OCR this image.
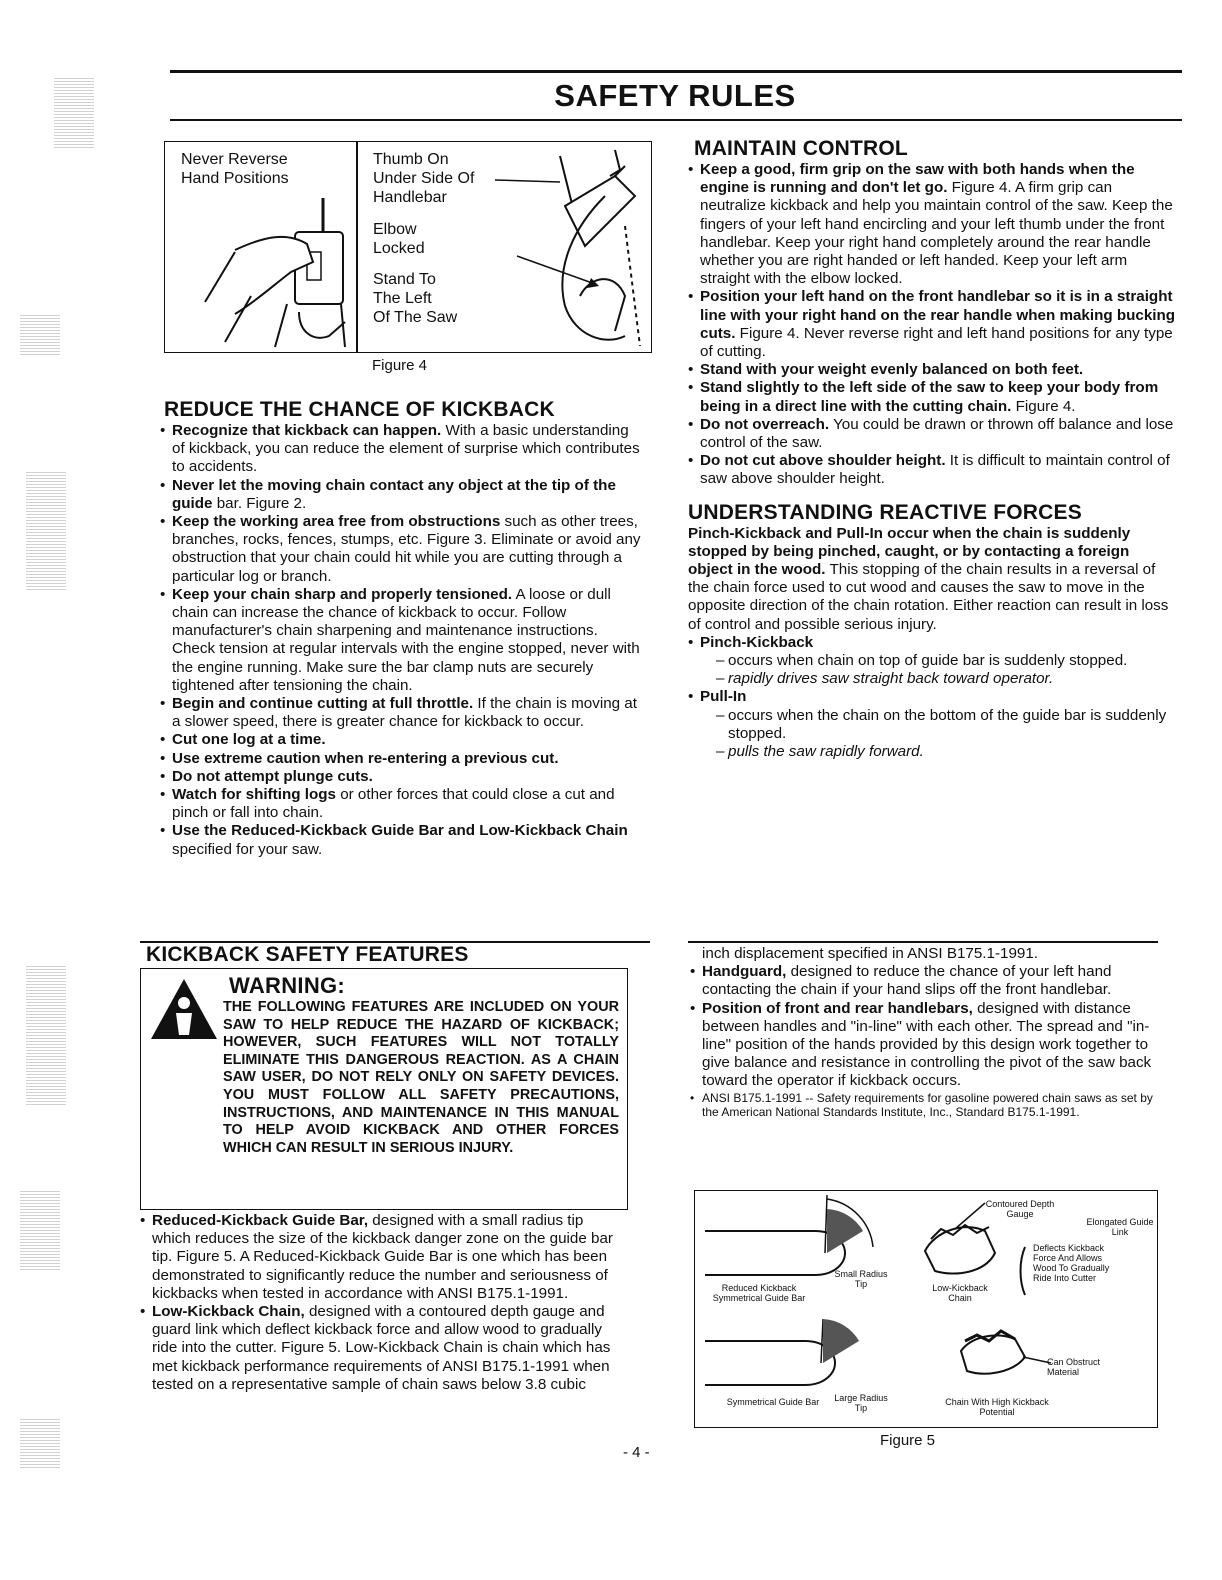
SAFETY RULES
Never Reverse
Hand Positions
Thumb On
Under Side Of
Handlebar
Elbow
Locked
Stand To
The Left
Of The Saw
Figure 4
REDUCE THE CHANCE OF KICKBACK
• Recognize that kickback can happen. With a basic understanding of kickback, you can reduce the element of surprise which contributes to accidents.
• Never let the moving chain contact any object at the tip of the guide bar. Figure 2.
• Keep the working area free from obstructions such as other trees, branches, rocks, fences, stumps, etc. Figure 3. Eliminate or avoid any obstruction that your chain could hit while you are cutting through a particular log or branch.
• Keep your chain sharp and properly tensioned. A loose or dull chain can increase the chance of kickback to occur. Follow manufacturer's chain sharpening and maintenance instructions. Check tension at regular intervals with the engine stopped, never with the engine running. Make sure the bar clamp nuts are securely tightened after tensioning the chain.
• Begin and continue cutting at full throttle. If the chain is moving at a slower speed, there is greater chance for kickback to occur.
• Cut one log at a time.
• Use extreme caution when re-entering a previous cut.
• Do not attempt plunge cuts.
• Watch for shifting logs or other forces that could close a cut and pinch or fall into chain.
• Use the Reduced-Kickback Guide Bar and Low-Kickback Chain specified for your saw.
MAINTAIN CONTROL
• Keep a good, firm grip on the saw with both hands when the engine is running and don't let go. Figure 4. A firm grip can neutralize kickback and help you maintain control of the saw. Keep the fingers of your left hand encircling and your left thumb under the front handlebar. Keep your right hand completely around the rear handle whether you are right handed or left handed. Keep your left arm straight with the elbow locked.
• Position your left hand on the front handlebar so it is in a straight line with your right hand on the rear handle when making bucking cuts. Figure 4. Never reverse right and left hand positions for any type of cutting.
• Stand with your weight evenly balanced on both feet.
• Stand slightly to the left side of the saw to keep your body from being in a direct line with the cutting chain. Figure 4.
• Do not overreach. You could be drawn or thrown off balance and lose control of the saw.
• Do not cut above shoulder height. It is difficult to maintain control of saw above shoulder height.
UNDERSTANDING REACTIVE FORCES

Pinch-Kickback and Pull-In occur when the chain is suddenly stopped by being pinched, caught, or by contacting a foreign object in the wood. This stopping of the chain results in a reversal of the chain force used to cut wood and causes the saw to move in the opposite direction of the chain rotation. Either reaction can result in loss of control and possible serious injury.

• Pinch-Kickback
– occurs when chain on top of guide bar is suddenly stopped.
– rapidly drives saw straight back toward operator.
• Pull-In
– occurs when the chain on the bottom of the guide bar is suddenly stopped.
– pulls the saw rapidly forward.
KICKBACK SAFETY FEATURES
WARNING:
THE FOLLOWING FEATURES ARE INCLUDED ON YOUR SAW TO HELP REDUCE THE HAZARD OF KICKBACK; HOWEVER, SUCH FEATURES WILL NOT TOTALLY ELIMINATE THIS DANGEROUS REACTION. AS A CHAIN SAW USER, DO NOT RELY ONLY ON SAFETY DEVICES. YOU MUST FOLLOW ALL SAFETY PRECAUTIONS, INSTRUCTIONS, AND MAINTENANCE IN THIS MANUAL TO HELP AVOID KICKBACK AND OTHER FORCES WHICH CAN RESULT IN SERIOUS INJURY.
• Reduced-Kickback Guide Bar, designed with a small radius tip which reduces the size of the kickback danger zone on the guide bar tip. Figure 5. A Reduced-Kickback Guide Bar is one which has been demonstrated to significantly reduce the number and seriousness of kickbacks when tested in accordance with ANSI B175.1-1991.
• Low-Kickback Chain, designed with a contoured depth gauge and guard link which deflect kickback force and allow wood to gradually ride into the cutter. Figure 5. Low-Kickback Chain is chain which has met kickback performance requirements of ANSI B175.1-1991 when tested on a representative sample of chain saws below 3.8 cubic

inch displacement specified in ANSI B175.1-1991.

• Handguard, designed to reduce the chance of your left hand contacting the chain if your hand slips off the front handlebar.
• Position of front and rear handlebars, designed with distance between handles and "in-line" with each other. The spread and "in-line" position of the hands provided by this design work together to give balance and resistance in controlling the pivot of the saw back toward the operator if kickback occurs.
• ANSI B175.1-1991 -- Safety requirements for gasoline powered chain saws as set by the American National Standards Institute, Inc., Standard B175.1-1991.
Reduced Kickback Symmetrical Guide Bar
Small Radius Tip	Low-Kickback Chain
Contoured Depth Gauge
Elongated Guide Link
Deflects Kickback Force And Allows Wood To Gradually Ride Into Cutter
Symmetrical Guide Bar	Large Radius Tip
Chain With High Kickback Potential
Can Obstruct Material
Figure 5
- 4 -
